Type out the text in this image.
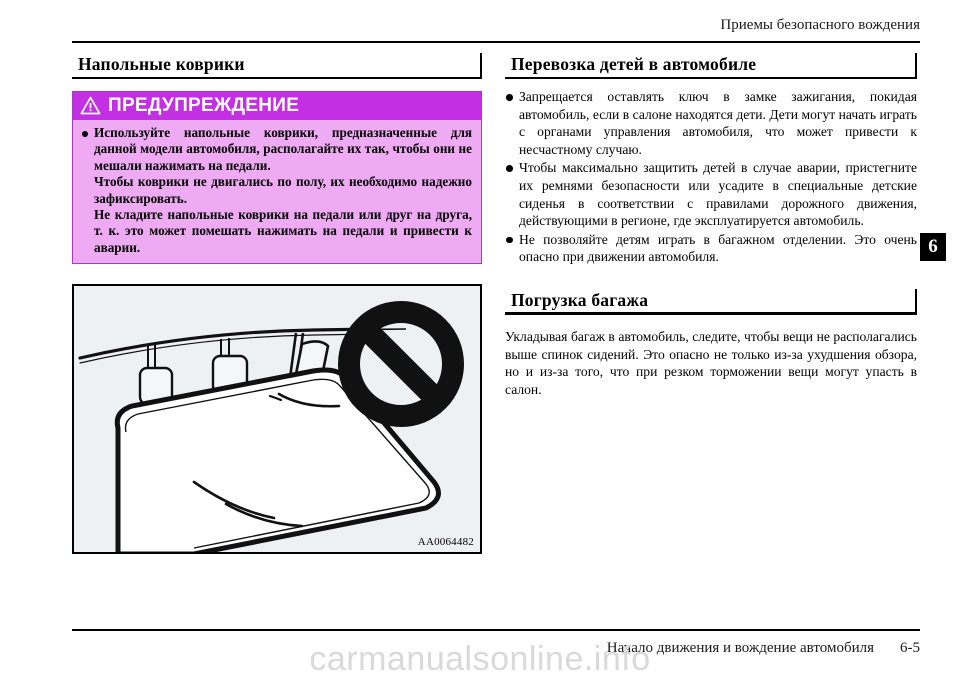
Приемы безопасного вождения
6
Напольные коврики
ПРЕДУПРЕЖДЕНИЕ

Используйте напольные коврики, предназначенные для данной модели автомобиля, располагайте их так, чтобы они не мешали нажимать на педали.

Чтобы коврики не двигались по полу, их необходимо надежно зафиксировать.

Не кладите напольные коврики на педали или друг на друга, т. к. это может помешать нажимать на педали и привести к аварии.

AA0064482
Перевозка детей в автомобиле
Запрещается оставлять ключ в замке зажигания, покидая автомобиль, если в салоне находятся дети. Дети могут начать играть с органами управления автомобиля, что может привести к несчастному случаю.
Чтобы максимально защитить детей в случае аварии, пристегните их ремнями безопасности или усадите в специальные детские сиденья в соответствии с правилами дорожного движения, действующими в регионе, где эксплуатируется автомобиль.
Не позволяйте детям играть в багажном отделении. Это очень опасно при движении автомобиля.
Погрузка багажа

Укладывая багаж в автомобиль, следите, чтобы вещи не располагались выше спинок сидений. Это опасно не только из-за ухудшения обзора, но и из-за того, что при резком торможении вещи могут упасть в салон.

Начало движения и вождение автомобиля 6-5
carmanualsonline.info
